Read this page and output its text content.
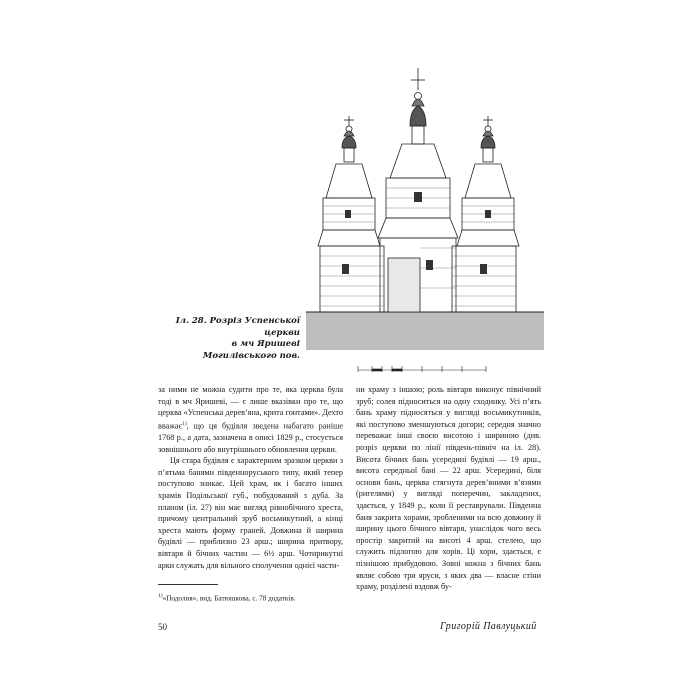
Іл. 28. Розріз Успенської церкви
в мч Яришеві Могилівського пов.

за ними не можна судити про те, яка церква була тоді в мч Яришеві, — є лише вказівки про те, що церква «Успенська дерев’яна, крита гонтами». Дехто вважає$^{1)}$, що ця будівля зведена набагато раніше 1768 р., а дата, зазначена в описі 1829 р., стосується зовнішнього або внутрішнього обновлення церкви.

Ця стара будівля є характерним зразком церкви з п’ятьма банями південноруського типу, який тепер поступово зникає. Цей храм, як і багато інших храмів Подільської губ., побудований з дуба. За планом (іл. 27) він має вигляд рівнобічного хреста, причому центральний зруб восьмикутний, а кінці хреста мають форму граней. Довжина й ширина будівлі — приблизно 23 арш.; ширина притвору, вівтаря й бічних частин — 6½ арш. Чотирикутні арки служать для вільного сполучення однієї части-

ни храму з іншою; роль вівтаря виконує північний зруб; солея підноситься на одну сходинку. Усі п’ять бань храму підносяться у вигляді восьмикутників, які поступово зменшуються догори; середня значно переважає інші своєю висотою і шириною (див. розріз церкви по лінії південь-північ на іл. 28). Висота бічних бань усередині будівлі — 19 арш., висота середньої бані — 22 арш. Усередині, біля основи бань, церква стягнута дерев’яними в’язями (ригелями) у вигляді поперечин, закладених, здається, у 1849 р., коли її реставрували. Південна баня закрита хорами, зробленими на всю довжину й ширину цього бічного вівтаря, унаслідок чого весь простір закритий на висоті 4 арш. стелею, що служить підлогою для хорів. Ці хори, здається, є пізнішою прибудовою. Зовні кожна з бічних бань являє собою три яруси, з яких два — власне стіни храму, розділені вздовж бу-

$^{1)}$«Подолия», вид. Батюшкова, с. 78 додатків.
50	Григорій Павлуцький
